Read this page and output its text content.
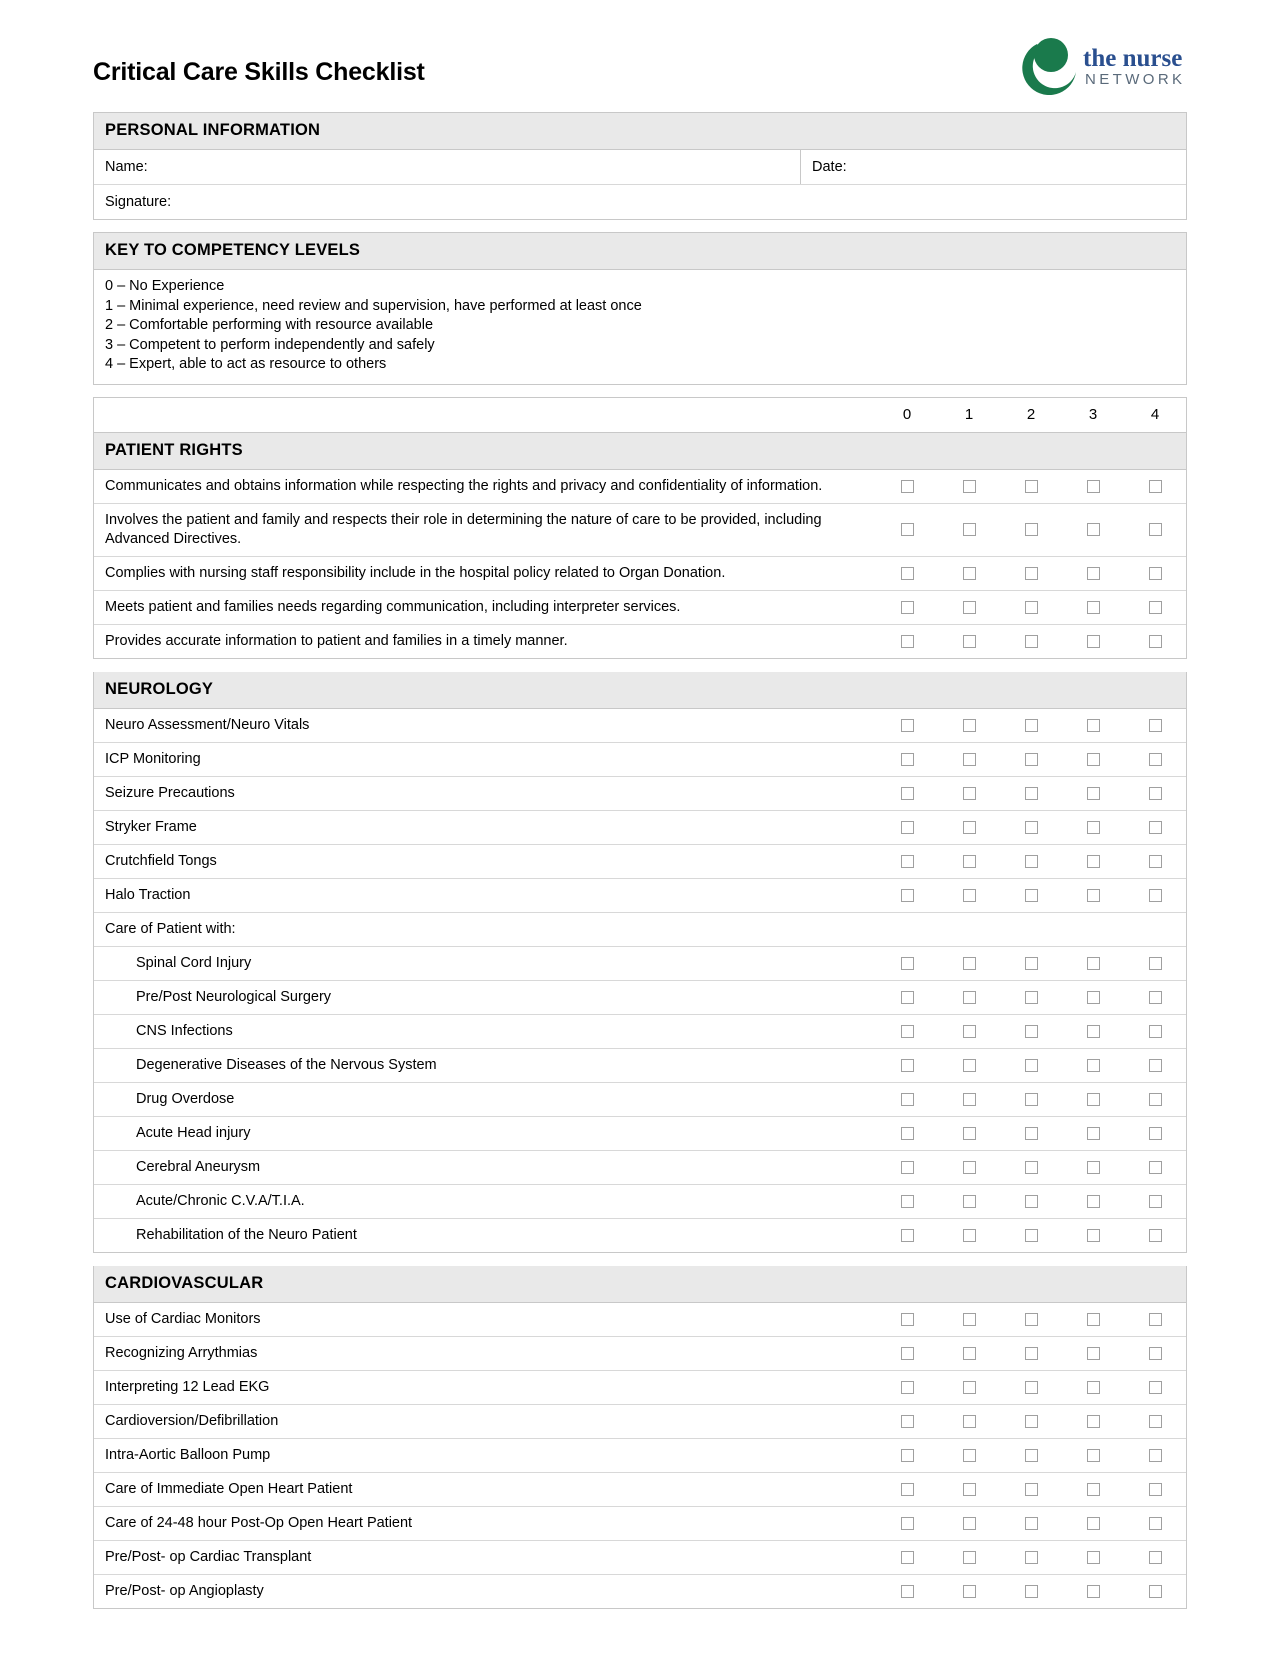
Critical Care Skills Checklist	the nurse
NETWORK
PERSONAL INFORMATION
Name:	Date:
Signature:
KEY TO COMPETENCY LEVELS
0 – No Experience
1 – Minimal experience, need review and supervision, have performed at least once
2 – Comfortable performing with resource available
3 – Competent to perform independently and safely
4 – Expert, able to act as resource to others
0	1	2	3	4
PATIENT RIGHTS
Communicates and obtains information while respecting the rights and privacy and confidentiality of information.
Involves the patient and family and respects their role in determining the nature of care to be provided, including Advanced Directives.
Complies with nursing staff responsibility include in the hospital policy related to Organ Donation.
Meets patient and families needs regarding communication, including interpreter services.
Provides accurate information to patient and families in a timely manner.
NEUROLOGY
Neuro Assessment/Neuro Vitals
ICP Monitoring
Seizure Precautions
Stryker Frame
Crutchfield Tongs
Halo Traction
Care of Patient with:
Spinal Cord Injury
Pre/Post Neurological Surgery
CNS Infections
Degenerative Diseases of the Nervous System
Drug Overdose
Acute Head injury
Cerebral Aneurysm
Acute/Chronic C.V.A/T.I.A.
Rehabilitation of the Neuro Patient
CARDIOVASCULAR
Use of Cardiac Monitors
Recognizing Arrythmias
Interpreting 12 Lead EKG
Cardioversion/Defibrillation
Intra-Aortic Balloon Pump
Care of Immediate Open Heart Patient
Care of 24-48 hour Post-Op Open Heart Patient
Pre/Post- op Cardiac Transplant
Pre/Post- op Angioplasty
